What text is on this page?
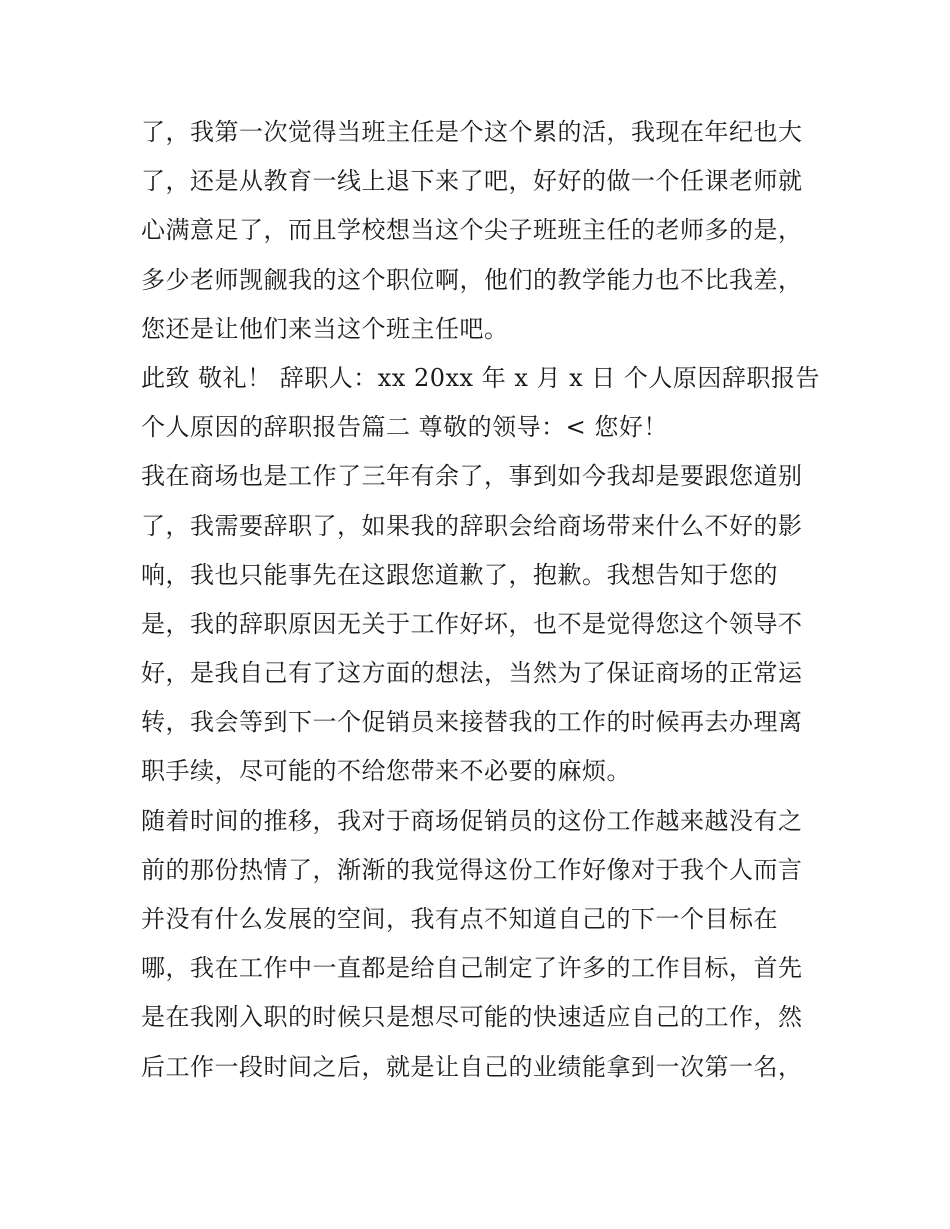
了，我第一次觉得当班主任是个这个累的活，我现在年纪也大
了，还是从教育一线上退下来了吧，好好的做一个任课老师就
心满意足了，而且学校想当这个尖子班班主任的老师多的是，
多少老师觊觎我的这个职位啊，他们的教学能力也不比我差，
您还是让他们来当这个班主任吧。
此致 敬礼！ 辞职人：xx 20xx 年 x 月 x 日 个人原因辞职报告
个人原因的辞职报告篇二 尊敬的领导：< 您好！
我在商场也是工作了三年有余了，事到如今我却是要跟您道别
了，我需要辞职了，如果我的辞职会给商场带来什么不好的影
响，我也只能事先在这跟您道歉了，抱歉。我想告知于您的
是，我的辞职原因无关于工作好坏，也不是觉得您这个领导不
好，是我自己有了这方面的想法，当然为了保证商场的正常运
转，我会等到下一个促销员来接替我的工作的时候再去办理离
职手续，尽可能的不给您带来不必要的麻烦。
随着时间的推移，我对于商场促销员的这份工作越来越没有之
前的那份热情了，渐渐的我觉得这份工作好像对于我个人而言
并没有什么发展的空间，我有点不知道自己的下一个目标在
哪，我在工作中一直都是给自己制定了许多的工作目标，首先
是在我刚入职的时候只是想尽可能的快速适应自己的工作，然
后工作一段时间之后，就是让自己的业绩能拿到一次第一名，
